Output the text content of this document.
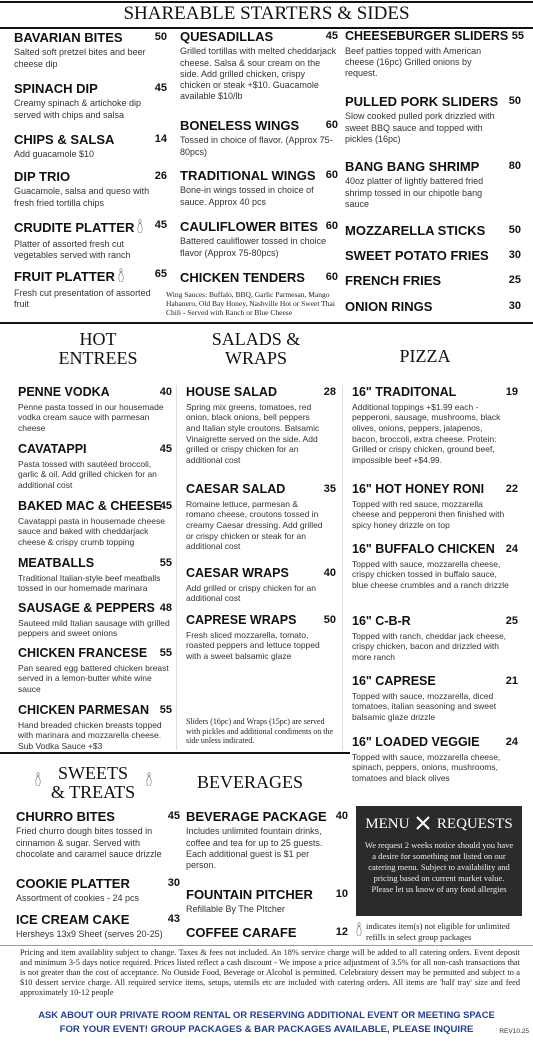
SHAREABLE STARTERS & SIDES
BAVARIAN BITES	50
Salted soft pretzel bites and beer cheese dip
SPINACH DIP	45
Creamy spinach & artichoke dip served with chips and salsa
CHIPS & SALSA	14
Add guacamole $10
DIP TRIO	26
Guacamole, salsa and queso with fresh fried tortilla chips
CRUDITE PLATTER 45
Platter of assorted fresh cut vegetables served with ranch
FRUIT PLATTER	65
Fresh cut presentation of assorted fruit
QUESADILLAS	45
Grilled tortillas with melted cheddarjack cheese. Salsa & sour cream on the side. Add grilled chicken, crispy chicken or steak +$10. Guacamole available $10/lb
BONELESS WINGS	60
Tossed in choice of flavor. (Approx 75-80pcs)
TRADITIONAL WINGS 60
Bone-in wings tossed in choice of sauce. Approx 40 pcs
CAULIFLOWER BITES 60
Battered cauliflower tossed in choice flavor (Approx 75-80pcs)
CHICKEN TENDERS	60
Wing Sauces: Buffalo, BBQ, Garlic Parmesan, Mango Habanero, Old Bay Honey, Nashville Hot or Sweet Thai Chili - Served with Ranch or Blue Cheese
CHEESEBURGER SLIDERS 55
Beef patties topped with American cheese (16pc) Grilled onions by request.
PULLED PORK SLIDERS 50
Slow cooked pulled pork drizzled with sweet BBQ sauce and topped with pickles (16pc)
BANG BANG SHRIMP	80
40oz platter of lightly battered fried shrimp tossed in our chipotle bang sauce
MOZZARELLA STICKS	50
SWEET POTATO FRIES	30
FRENCH FRIES	25
ONION RINGS	30
HOT
ENTREES
SALADS &
WRAPS	PIZZA
PENNE VODKA	40
Penne pasta tossed in our housemade vodka cream sauce with parmesan cheese
CAVATAPPI	45
Pasta tossed with sautéed broccoli, garlic & oil. Add grilled chicken for an additional cost
BAKED MAC & CHEESE
45
Cavatappi pasta in housemade cheese sauce and baked with cheddarjack cheese & crispy crumb topping
MEATBALLS	55
Traditional Italian-style beef meatballs tossed in our homemade marinara
SAUSAGE & PEPPERS 48
Sauteed mild Italian sausage with grilled peppers and sweet onions
CHICKEN FRANCESE	55
Pan seared egg battered chicken breast served in a lemon-butter white wine sauce
CHICKEN PARMESAN 55
Hand breaded chicken breasts topped with marinara and mozzarella cheese. Sub Vodka Sauce +$3
HOUSE SALAD	28
Spring mix greens, tomatoes, red onion, black onions, bell peppers and Italian style croutons. Balsamic Vinaigrette served on the side. Add grilled or crispy chicken for an additional cost
CAESAR SALAD	35
Romaine lettuce, parmesan & romano cheese, croutons tossed in creamy Caesar dressing. Add grilled or crispy chicken or steak for an additional cost
CAESAR WRAPS	40
Add grilled or crispy chicken for an additional cost
CAPRESE WRAPS	50
Fresh sliced mozzarella, tomato, roasted peppers and lettuce topped with a sweet balsamic glaze
Sliders (16pc) and Wraps (15pc) are served with pickles and additional condiments on the side unless indicated.
16" TRADITONAL	19
Additional toppings +$1.99 each - pepperoni, sausage, mushrooms, black olives, onions, peppers, jalapenos, bacon, broccoli, extra cheese. Protein: Grilled or crispy chicken, ground beef, impossible beef +$4.99.
16" HOT HONEY RONI	22
Topped with red sauce, mozzarella cheese and pepperoni then finished with spicy honey drizzle on top
16" BUFFALO CHICKEN	24
Topped with sauce, mozzarella cheese, crispy chicken tossed in buffalo sauce, blue cheese crumbles and a ranch drizzle
16" C-B-R	25
Topped with ranch, cheddar jack cheese, crispy chicken, bacon and drizzled with more ranch
16" CAPRESE	21
Topped with sauce, mozzarella, diced tomatoes, italian seasoning and sweet balsamic glaze drizzle
16" LOADED VEGGIE	24
Topped with sauce, mozzarella cheese, spinach, peppers, onions, mushrooms, tomatoes and black olives
SWEETS
& TREATS

BEVERAGES
CHURRO BITES	45
Fried churro dough bites tossed in cinnamon & sugar. Served with chocolate and caramel sauce drizzle
COOKIE PLATTER	30
Assortment of cookies - 24 pcs
ICE CREAM CAKE	43
Hersheys 13x9 Sheet (serves 20-25)
BEVERAGE PACKAGE 40
Includes unlimited fountain drinks, coffee and tea for up to 25 guests. Each additional guest is $1 per person.
FOUNTAIN PITCHER	10
Refillable By The PItcher
COFFEE CARAFE	12
MENU REQUESTS
We request 2 weeks notice should you have a desire for something not listed on our catering menu. Subject to availability and pricing based on current market value. Please let us know of any food allergies
indicates item(s) not eligible for unlimited refills in select group packages
Pricing and item availablity subject to change. Taxes & fees not included. An 18% service charge will be added to all catering orders. Event deposit and minimum 3-5 days notice required. Prices listed reflect a cash discount - We impose a price adjustment of 3.5% for all non-cash transactions that is not greater than the cost of acceptance. No Outside Food, Beverage or Alcohol is permitted. Celebratory dessert may be permitted and subject to a $10 dessert service charge. All required service items, setups, utensils etc are included with catering orders. All items are 'half tray' size and feed approximately 10-12 people
ASK ABOUT OUR PRIVATE ROOM RENTAL OR RESERVING ADDITIONAL EVENT OR MEETING SPACE
FOR YOUR EVENT! GROUP PACKAGES & BAR PACKAGES AVAILABLE, PLEASE INQUIRE	REV10.25
